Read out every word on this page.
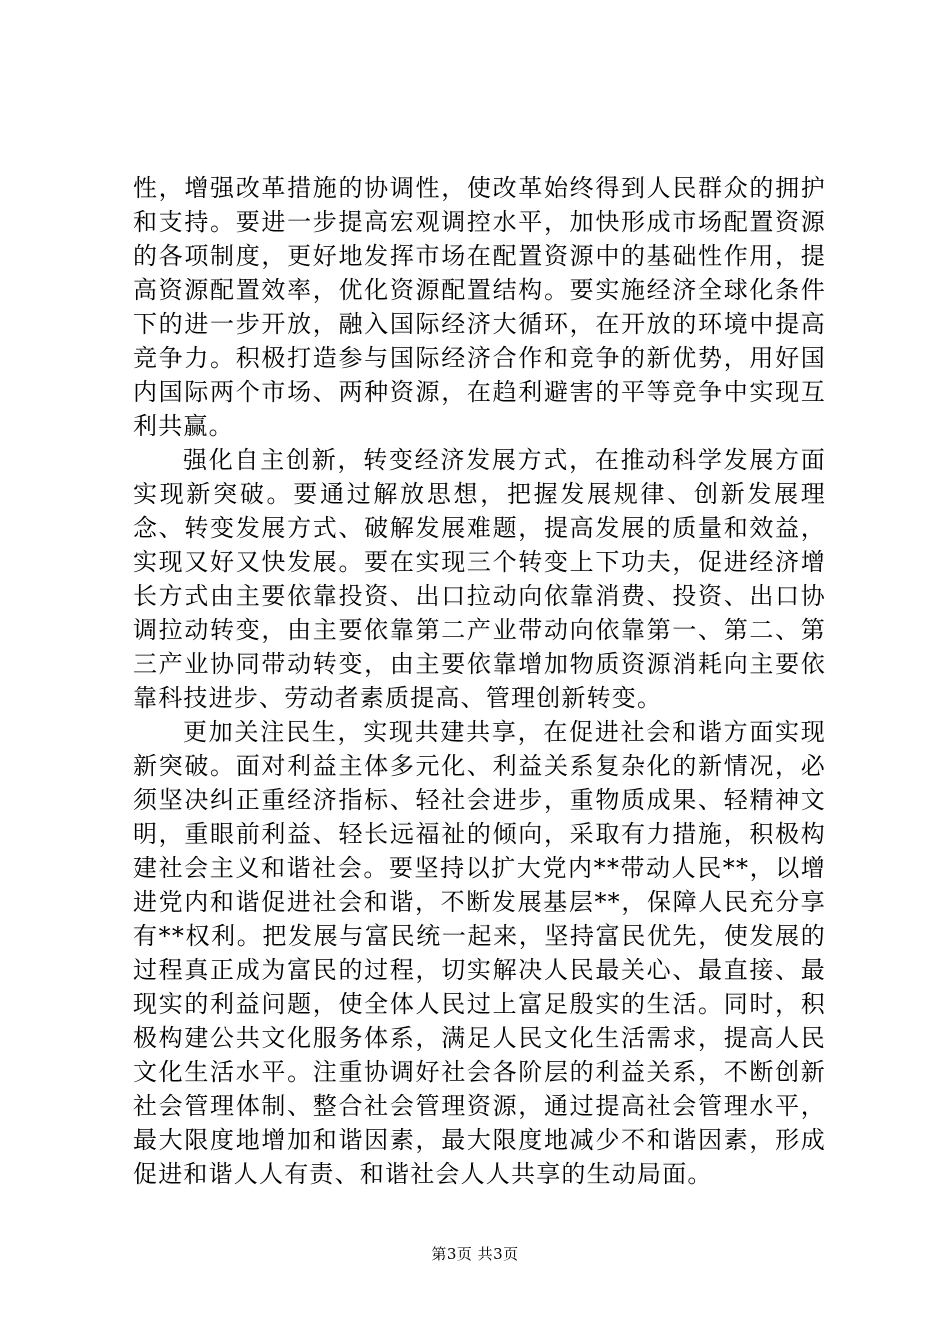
性，增强改革措施的协调性，使改革始终得到人民群众的拥护和支持。要进一步提高宏观调控水平，加快形成市场配置资源的各项制度，更好地发挥市场在配置资源中的基础性作用，提高资源配置效率，优化资源配置结构。要实施经济全球化条件下的进一步开放，融入国际经济大循环，在开放的环境中提高竞争力。积极打造参与国际经济合作和竞争的新优势，用好国内国际两个市场、两种资源，在趋利避害的平等竞争中实现互利共赢。

强化自主创新，转变经济发展方式，在推动科学发展方面实现新突破。要通过解放思想，把握发展规律、创新发展理念、转变发展方式、破解发展难题，提高发展的质量和效益，实现又好又快发展。要在实现三个转变上下功夫，促进经济增长方式由主要依靠投资、出口拉动向依靠消费、投资、出口协调拉动转变，由主要依靠第二产业带动向依靠第一、第二、第三产业协同带动转变，由主要依靠增加物质资源消耗向主要依靠科技进步、劳动者素质提高、管理创新转变。

更加关注民生，实现共建共享，在促进社会和谐方面实现新突破。面对利益主体多元化、利益关系复杂化的新情况，必须坚决纠正重经济指标、轻社会进步，重物质成果、轻精神文明，重眼前利益、轻长远福祉的倾向，采取有力措施，积极构建社会主义和谐社会。要坚持以扩大党内**带动人民**，以增进党内和谐促进社会和谐，不断发展基层**，保障人民充分享有**权利。把发展与富民统一起来，坚持富民优先，使发展的过程真正成为富民的过程，切实解决人民最关心、最直接、最现实的利益问题，使全体人民过上富足殷实的生活。同时，积极构建公共文化服务体系，满足人民文化生活需求，提高人民文化生活水平。注重协调好社会各阶层的利益关系，不断创新社会管理体制、整合社会管理资源，通过提高社会管理水平，最大限度地增加和谐因素，最大限度地减少不和谐因素，形成促进和谐人人有责、和谐社会人人共享的生动局面。

第3页 共3页
